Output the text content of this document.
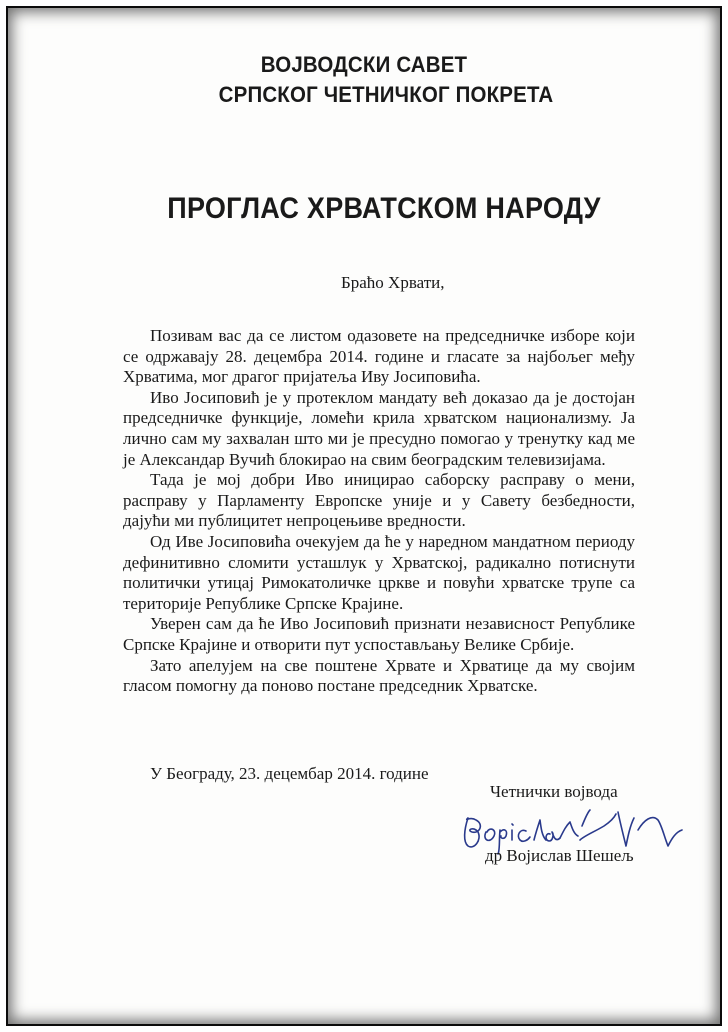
ВОЈВОДСКИ САВЕТ
СРПСКОГ ЧЕТНИЧКОГ ПОКРЕТА
ПРОГЛАС ХРВАТСКОМ НАРОДУ
Браћо Хрвати,

Позивам вас да се листом одазовете на председничке изборе који се одржавају 28. децембра 2014. године и гласате за најбољег међу Хрватима, мог драгог пријатеља Иву Јосиповића.

Иво Јосиповић је у протеклом мандату већ доказао да је достојан председничке функције, ломећи крила хрватском национализму. Ја лично сам му захвалан што ми је пресудно помогао у тренутку кад ме је Александар Вучић блокирао на свим београдским телевизијама.

Тада је мој добри Иво иницирао саборску расправу о мени, расправу у Парламенту Европске уније и у Савету безбедности, дајући ми публицитет непроцењиве вредности.

Од Иве Јосиповића очекујем да ће у наредном мандатном периоду дефинитивно сломити усташлук у Хрватској, радикално потиснути политички утицај Римокатоличке цркве и повући хрватске трупе са територије Републике Српске Крајине.

Уверен сам да ће Иво Јосиповић признати независност Републике Српске Крајине и отворити пут успостављању Велике Србије.

Зато апелујем на све поштене Хрвате и Хрватице да му својим гласом помогну да поново постане председник Хрватске.

У Београду, 23. децембар 2014. године
Четнички војвода
др Војислав Шешељ
